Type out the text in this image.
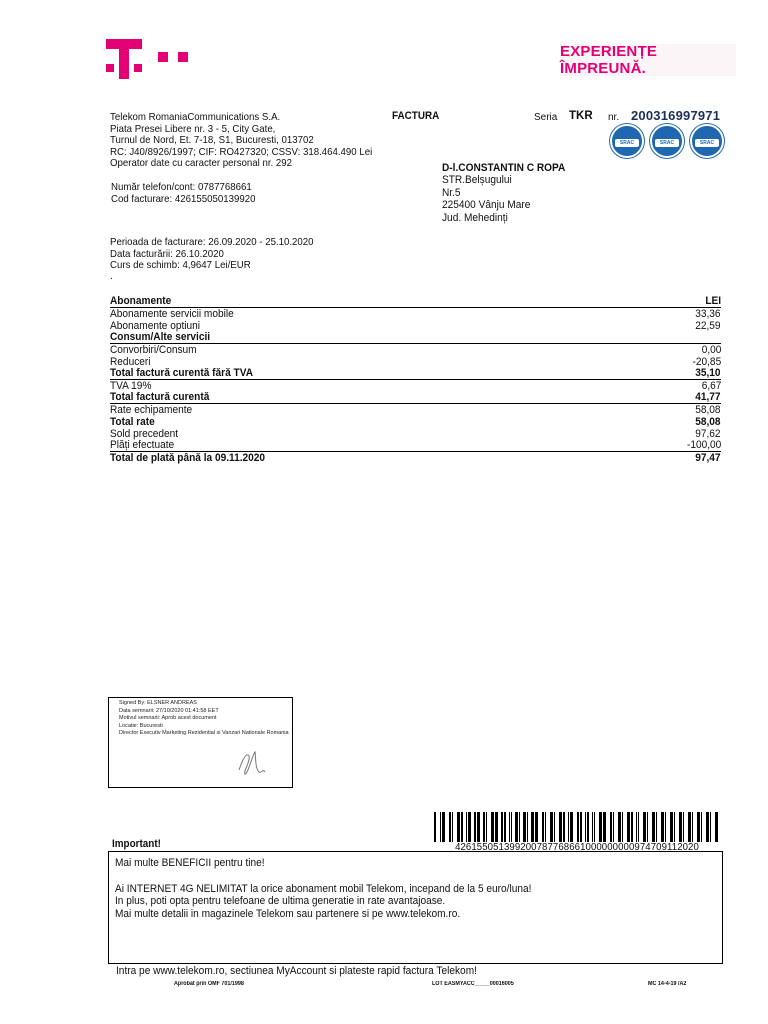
EXPERIENȚE ÎMPREUNĂ.
Telekom RomaniaCommunications S.A.
Piata Presei Libere nr. 3 - 5, City Gate,
Turnul de Nord, Et. 7-18, S1, Bucuresti, 013702
RC: J40/8926/1997; CIF: RO427320; CSSV: 318.464.490 Lei
Operator date cu caracter personal nr. 292
FACTURA	Seria TKR nr. 200316997971
SRAC	SRAC	SRAC
D-l.CONSTANTIN C ROPA
STR.Belșugului
Nr.5
225400 Vânju Mare
Jud. Mehedinți
Număr telefon/cont: 0787768661
Cod facturare: 426155050139920
Perioada de facturare: 26.09.2020 - 25.10.2020
Data facturării: 26.10.2020
Curs de schimb: 4,9647 Lei/EUR
.
Abonamente	LEI
Abonamente servicii mobile	33,36
Abonamente optiuni	22,59
Consum/Alte servicii
Convorbiri/Consum	0,00
Reduceri	-20,85
Total factură curentă fără TVA	35,10
TVA 19%	6,67
Total factură curentă	41,77
Rate echipamente	58,08
Total rate	58,08
Sold precedent	97,62
Plăți efectuate	-100,00
Total de plată până la 09.11.2020	97,47
Signed By: ELSNER ANDREAS
Data semnarii: 27/10/2020 01:41:58 EET
Motivul semnarii: Aprob acest document
Locatie: Bucuresti
Director Executiv Marketing Rezidential si Vanzari Nationale Romania
Important!	426155051399200787768661000000000974709112020
Mai multe BENEFICII pentru tine!
Ai INTERNET 4G NELIMITAT la orice abonament mobil Telekom, incepand de la 5 euro/luna!
In plus, poti opta pentru telefoane de ultima generatie in rate avantajoase.
Mai multe detalii in magazinele Telekom sau partenere si pe www.telekom.ro.
Intra pe www.telekom.ro, sectiunea MyAccount si plateste rapid factura Telekom!
Aprobat prin OMF 701/1998	LOT EASMYACC_____00016005	MC 14-4-19 /A2
